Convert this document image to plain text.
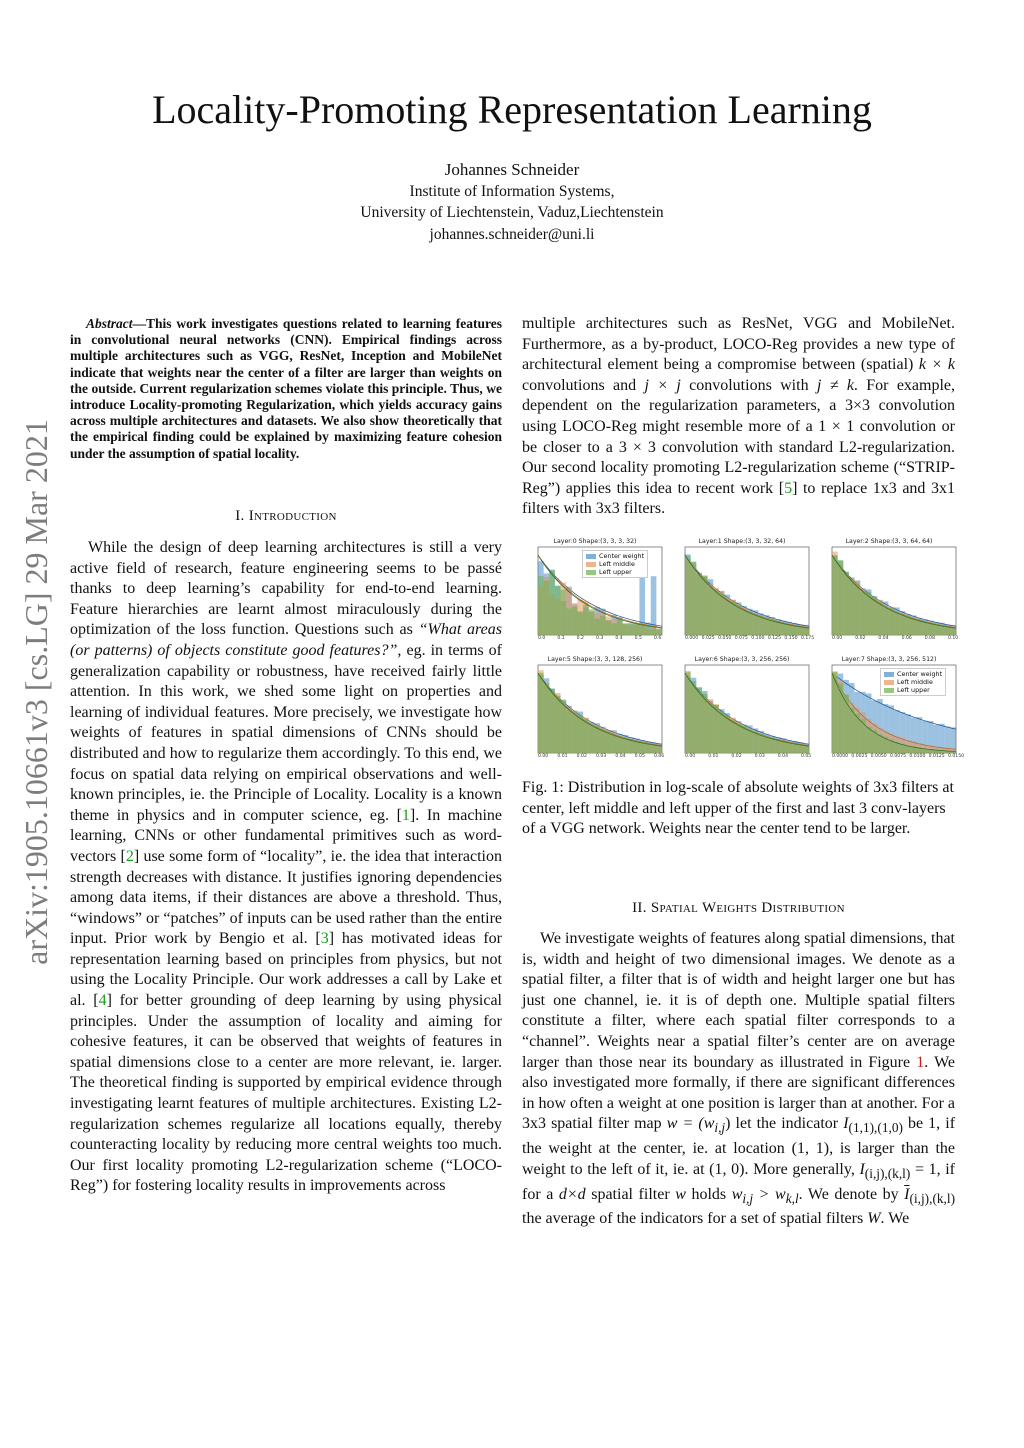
arXiv:1905.10661v3 [cs.LG] 29 Mar 2021
Locality-Promoting Representation Learning
Johannes Schneider
Institute of Information Systems,
University of Liechtenstein, Vaduz,Liechtenstein
johannes.schneider@uni.li
Abstract—This work investigates questions related to learning features in convolutional neural networks (CNN). Empirical findings across multiple architectures such as VGG, ResNet, Inception and MobileNet indicate that weights near the center of a filter are larger than weights on the outside. Current regularization schemes violate this principle. Thus, we introduce Locality-promoting Regularization, which yields accuracy gains across multiple architectures and datasets. We also show theoretically that the empirical finding could be explained by maximizing feature cohesion under the assumption of spatial locality.
I. Introduction

While the design of deep learning architectures is still a very active field of research, feature engineering seems to be passé thanks to deep learning’s capability for end-to-end learning. Feature hierarchies are learnt almost miraculously during the optimization of the loss function. Questions such as “What areas (or patterns) of objects constitute good features?”, eg. in terms of generalization capability or robustness, have received fairly little attention. In this work, we shed some light on properties and learning of individual features. More precisely, we investigate how weights of features in spatial dimensions of CNNs should be distributed and how to regularize them accordingly. To this end, we focus on spatial data relying on empirical observations and well-known principles, ie. the Principle of Locality. Locality is a known theme in physics and in computer science, eg. [1]. In machine learning, CNNs or other fundamental primitives such as word-vectors [2] use some form of “locality”, ie. the idea that interaction strength decreases with distance. It justifies ignoring dependencies among data items, if their distances are above a threshold. Thus, “windows” or “patches” of inputs can be used rather than the entire input. Prior work by Bengio et al. [3] has motivated ideas for representation learning based on principles from physics, but not using the Locality Principle. Our work addresses a call by Lake et al. [4] for better grounding of deep learning by using physical principles. Under the assumption of locality and aiming for cohesive features, it can be observed that weights of features in spatial dimensions close to a center are more relevant, ie. larger. The theoretical finding is supported by empirical evidence through investigating learnt features of multiple architectures. Existing L2-regularization schemes regularize all locations equally, thereby counteracting locality by reducing more central weights too much. Our first locality promoting L2-regularization scheme (“LOCO-Reg”) for fostering locality results in improvements across

multiple architectures such as ResNet, VGG and MobileNet. Furthermore, as a by-product, LOCO-Reg provides a new type of architectural element being a compromise between (spatial) k × k convolutions and j × j convolutions with j ≠ k. For example, dependent on the regularization parameters, a 3×3 convolution using LOCO-Reg might resemble more of a 1 × 1 convolution or be closer to a 3 × 3 convolution with standard L2-regularization. Our second locality promoting L2-regularization scheme (“STRIP-Reg”) applies this idea to recent work [5] to replace 1x3 and 3x1 filters with 3x3 filters.

Layer:0 Shape:(3, 3, 3, 32)
0.0	0.1	0.2	0.3	0.4	0.5	0.6
Center weight
Left middle
Left upper
Layer:1 Shape:(3, 3, 32, 64)
0.000 0.025 0.050 0.075 0.100 0.125 0.150 0.175
Layer:2 Shape:(3, 3, 64, 64)
0.00	0.02	0.04	0.06	0.08	0.10
Layer:5 Shape:(3, 3, 128, 256)
0.00 0.01 0.02 0.03 0.04 0.05 0.06
Layer:6 Shape:(3, 3, 256, 256)
0.00	0.01	0.02	0.03	0.04	0.05
Layer:7 Shape:(3, 3, 256, 512)
0.0000 0.0025 0.0050 0.0075 0.0100 0.0125 0.0150
Center weight
Left middle
Left upper
Fig. 1: Distribution in log-scale of absolute weights of 3x3 filters at center, left middle and left upper of the first and last 3 conv-layers of a VGG network. Weights near the center tend to be larger.
II. Spatial Weights Distribution

We investigate weights of features along spatial dimensions, that is, width and height of two dimensional images. We denote as a spatial filter, a filter that is of width and height larger one but has just one channel, ie. it is of depth one. Multiple spatial filters constitute a filter, where each spatial filter corresponds to a “channel”. Weights near a spatial filter’s center are on average larger than those near its boundary as illustrated in Figure 1. We also investigated more formally, if there are significant differences in how often a weight at one position is larger than at another. For a 3x3 spatial filter map $w = (w_{i,j})$ let the indicator $I_{(1,1),(1,0)}$ be 1, if the weight at the center, ie. at location (1, 1), is larger than the weight to the left of it, ie. at (1, 0). More generally, $I_{(i,j),(k,l)} = 1$, if for a d×d spatial filter w holds $w_{i,j} > w_{k,l}$. We denote by $\overline{I}_{(i,j),(k,l)}$ the average of the indicators for a set of spatial filters W. We
